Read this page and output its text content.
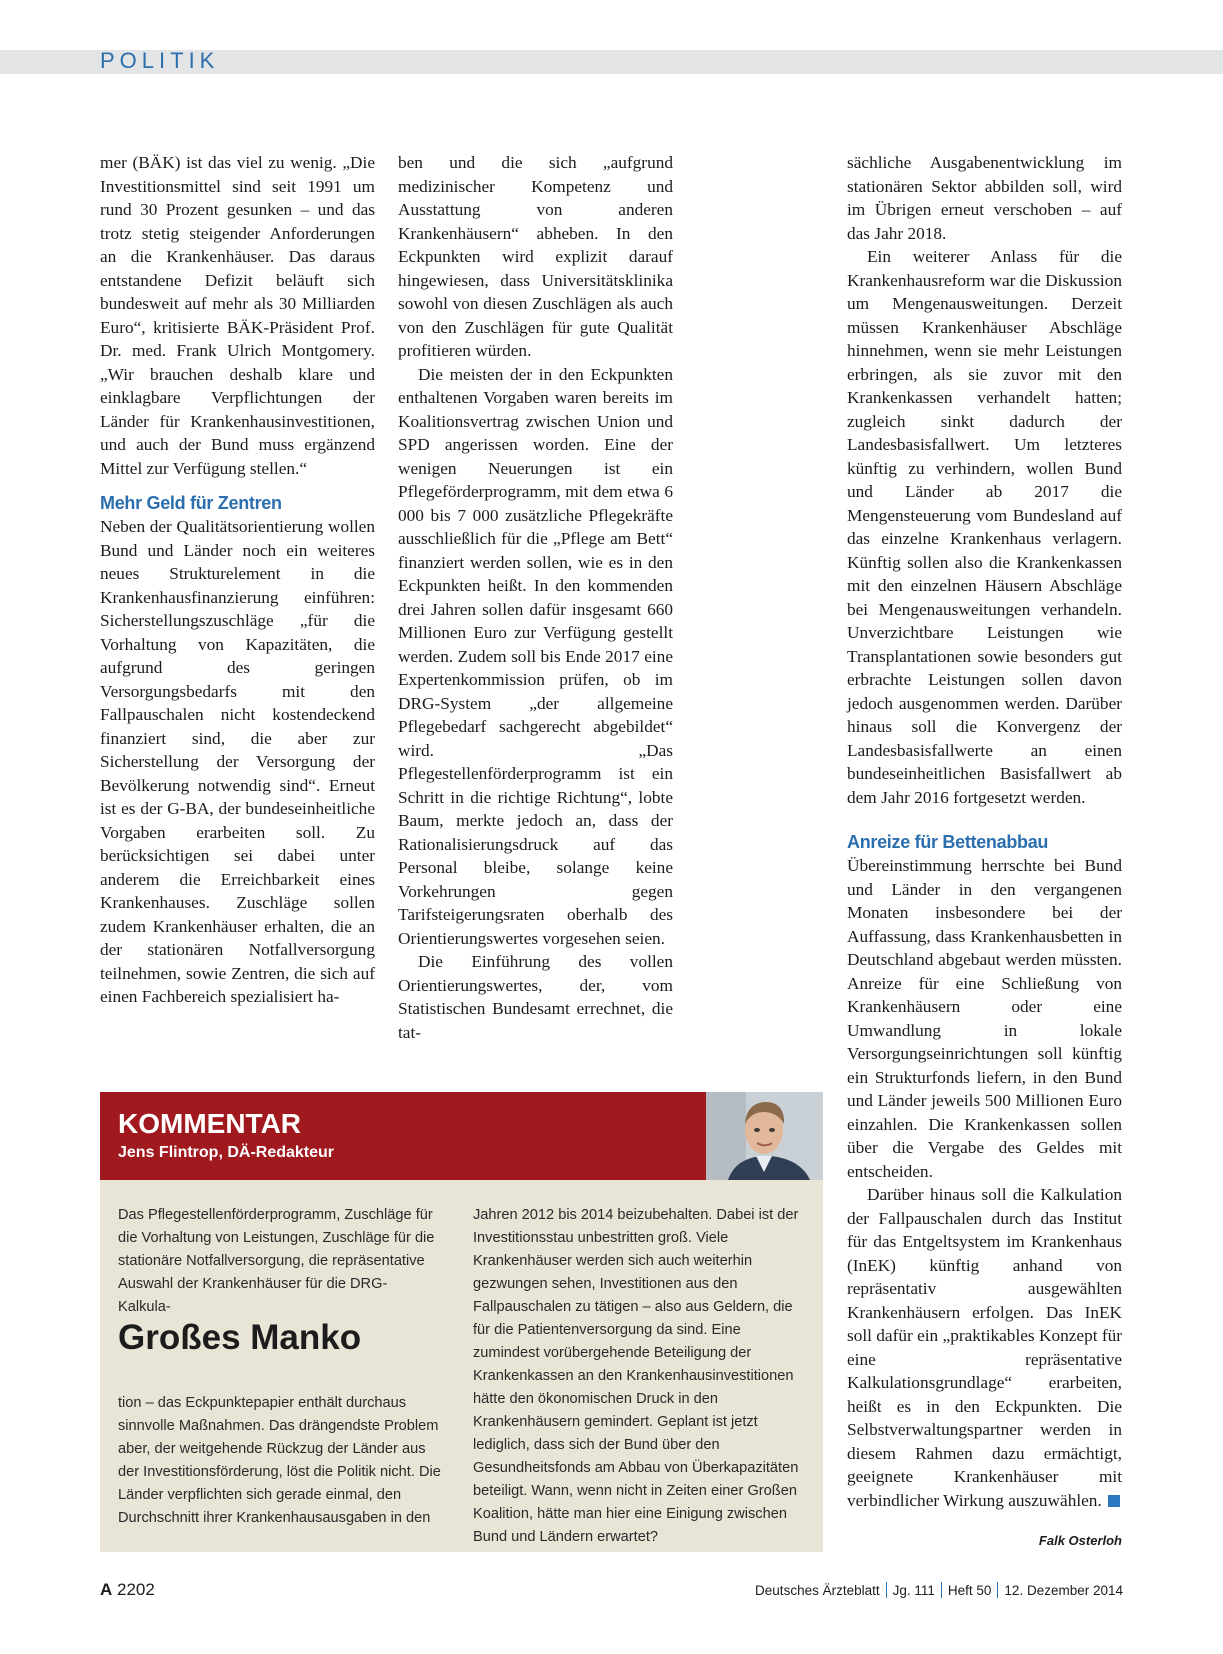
POLITIK

mer (BÄK) ist das viel zu wenig. „Die Investitionsmittel sind seit 1991 um rund 30 Prozent gesunken – und das trotz stetig steigender Anforderungen an die Krankenhäuser. Das daraus entstandene Defizit beläuft sich bundesweit auf mehr als 30 Milliarden Euro“, kritisierte BÄK-Präsident Prof. Dr. med. Frank Ulrich Montgomery. „Wir brauchen deshalb klare und einklagbare Verpflichtungen der Länder für Krankenhausinvestitionen, und auch der Bund muss ergänzend Mittel zur Verfügung stellen.“

Mehr Geld für Zentren

Neben der Qualitätsorientierung wollen Bund und Länder noch ein weiteres neues Strukturelement in die Krankenhausfinanzierung einführen: Sicherstellungszuschläge „für die Vorhaltung von Kapazitäten, die aufgrund des geringen Versorgungsbedarfs mit den Fallpauschalen nicht kostendeckend finanziert sind, die aber zur Sicherstellung der Versorgung der Bevölkerung notwendig sind“. Erneut ist es der G-BA, der bundeseinheitliche Vorgaben erarbeiten soll. Zu berücksichtigen sei dabei unter anderem die Erreichbarkeit eines Krankenhauses. Zuschläge sollen zudem Krankenhäuser erhalten, die an der stationären Notfallversorgung teilnehmen, sowie Zentren, die sich auf einen Fachbereich spezialisiert ha-

ben und die sich „aufgrund medizinischer Kompetenz und Ausstattung von anderen Krankenhäusern“ abheben. In den Eckpunkten wird explizit darauf hingewiesen, dass Universitätsklinika sowohl von diesen Zuschlägen als auch von den Zuschlägen für gute Qualität profitieren würden.

Die meisten der in den Eckpunkten enthaltenen Vorgaben waren bereits im Koalitionsvertrag zwischen Union und SPD angerissen worden. Eine der wenigen Neuerungen ist ein Pflegeförderprogramm, mit dem etwa 6 000 bis 7 000 zusätzliche Pflegekräfte ausschließlich für die „Pflege am Bett“ finanziert werden sollen, wie es in den Eckpunkten heißt. In den kommenden drei Jahren sollen dafür insgesamt 660 Millionen Euro zur Verfügung gestellt werden. Zudem soll bis Ende 2017 eine Expertenkommission prüfen, ob im DRG-System „der allgemeine Pflegebedarf sachgerecht abgebildet“ wird. „Das Pflegestellenförderprogramm ist ein Schritt in die richtige Richtung“, lobte Baum, merkte jedoch an, dass der Rationalisierungsdruck auf das Personal bleibe, solange keine Vorkehrungen gegen Tarifsteigerungsraten oberhalb des Orientierungswertes vorgesehen seien.

Die Einführung des vollen Orientierungswertes, der, vom Statistischen Bundesamt errechnet, die tat-

sächliche Ausgabenentwicklung im stationären Sektor abbilden soll, wird im Übrigen erneut verschoben – auf das Jahr 2018.

Ein weiterer Anlass für die Krankenhausreform war die Diskussion um Mengenausweitungen. Derzeit müssen Krankenhäuser Abschläge hinnehmen, wenn sie mehr Leistungen erbringen, als sie zuvor mit den Krankenkassen verhandelt hatten; zugleich sinkt dadurch der Landesbasisfallwert. Um letzteres künftig zu verhindern, wollen Bund und Länder ab 2017 die Mengensteuerung vom Bundesland auf das einzelne Krankenhaus verlagern. Künftig sollen also die Krankenkassen mit den einzelnen Häusern Abschläge bei Mengenausweitungen verhandeln. Unverzichtbare Leistungen wie Transplantationen sowie besonders gut erbrachte Leistungen sollen davon jedoch ausgenommen werden. Darüber hinaus soll die Konvergenz der Landesbasisfallwerte an einen bundeseinheitlichen Basisfallwert ab dem Jahr 2016 fortgesetzt werden.

Anreize für Bettenabbau

Übereinstimmung herrschte bei Bund und Länder in den vergangenen Monaten insbesondere bei der Auffassung, dass Krankenhausbetten in Deutschland abgebaut werden müssten. Anreize für eine Schließung von Krankenhäusern oder eine Umwandlung in lokale Versorgungseinrichtungen soll künftig ein Strukturfonds liefern, in den Bund und Länder jeweils 500 Millionen Euro einzahlen. Die Krankenkassen sollen über die Vergabe des Geldes mit entscheiden.

Darüber hinaus soll die Kalkulation der Fallpauschalen durch das Institut für das Entgeltsystem im Krankenhaus (InEK) künftig anhand von repräsentativ ausgewählten Krankenhäusern erfolgen. Das InEK soll dafür ein „praktikables Konzept für eine repräsentative Kalkulationsgrundlage“ erarbeiten, heißt es in den Eckpunkten. Die Selbstverwaltungspartner werden in diesem Rahmen dazu ermächtigt, geeignete Krankenhäuser mit verbindlicher Wirkung auszuwählen.

Falk Osterloh
KOMMENTAR
Jens Flintrop, DÄ-Redakteur

Das Pflegestellenförderprogramm, Zuschläge für die Vorhaltung von Leistungen, Zuschläge für die stationäre Notfallversorgung, die repräsentative Auswahl der Krankenhäuser für die DRG-Kalkula-

Großes Manko

tion – das Eckpunktepapier enthält durchaus sinnvolle Maßnahmen. Das drängendste Problem aber, der weitgehende Rückzug der Länder aus der Investitionsförderung, löst die Politik nicht. Die Länder verpflichten sich gerade einmal, den Durchschnitt ihrer Krankenhausausgaben in den

Jahren 2012 bis 2014 beizubehalten. Dabei ist der Investitionsstau unbestritten groß. Viele Krankenhäuser werden sich auch weiterhin gezwungen sehen, Investitionen aus den Fallpauschalen zu tätigen – also aus Geldern, die für die Patientenversorgung da sind. Eine zumindest vorübergehende Beteiligung der Krankenkassen an den Krankenhausinvestitionen hätte den ökonomischen Druck in den Krankenhäusern gemindert. Geplant ist jetzt lediglich, dass sich der Bund über den Gesundheitsfonds am Abbau von Überkapazitäten beteiligt. Wann, wenn nicht in Zeiten einer Großen Koalition, hätte man hier eine Einigung zwischen Bund und Ländern erwartet?

A 2202	Deutsches Ärzteblatt Jg. 111 Heft 50 12. Dezember 2014
